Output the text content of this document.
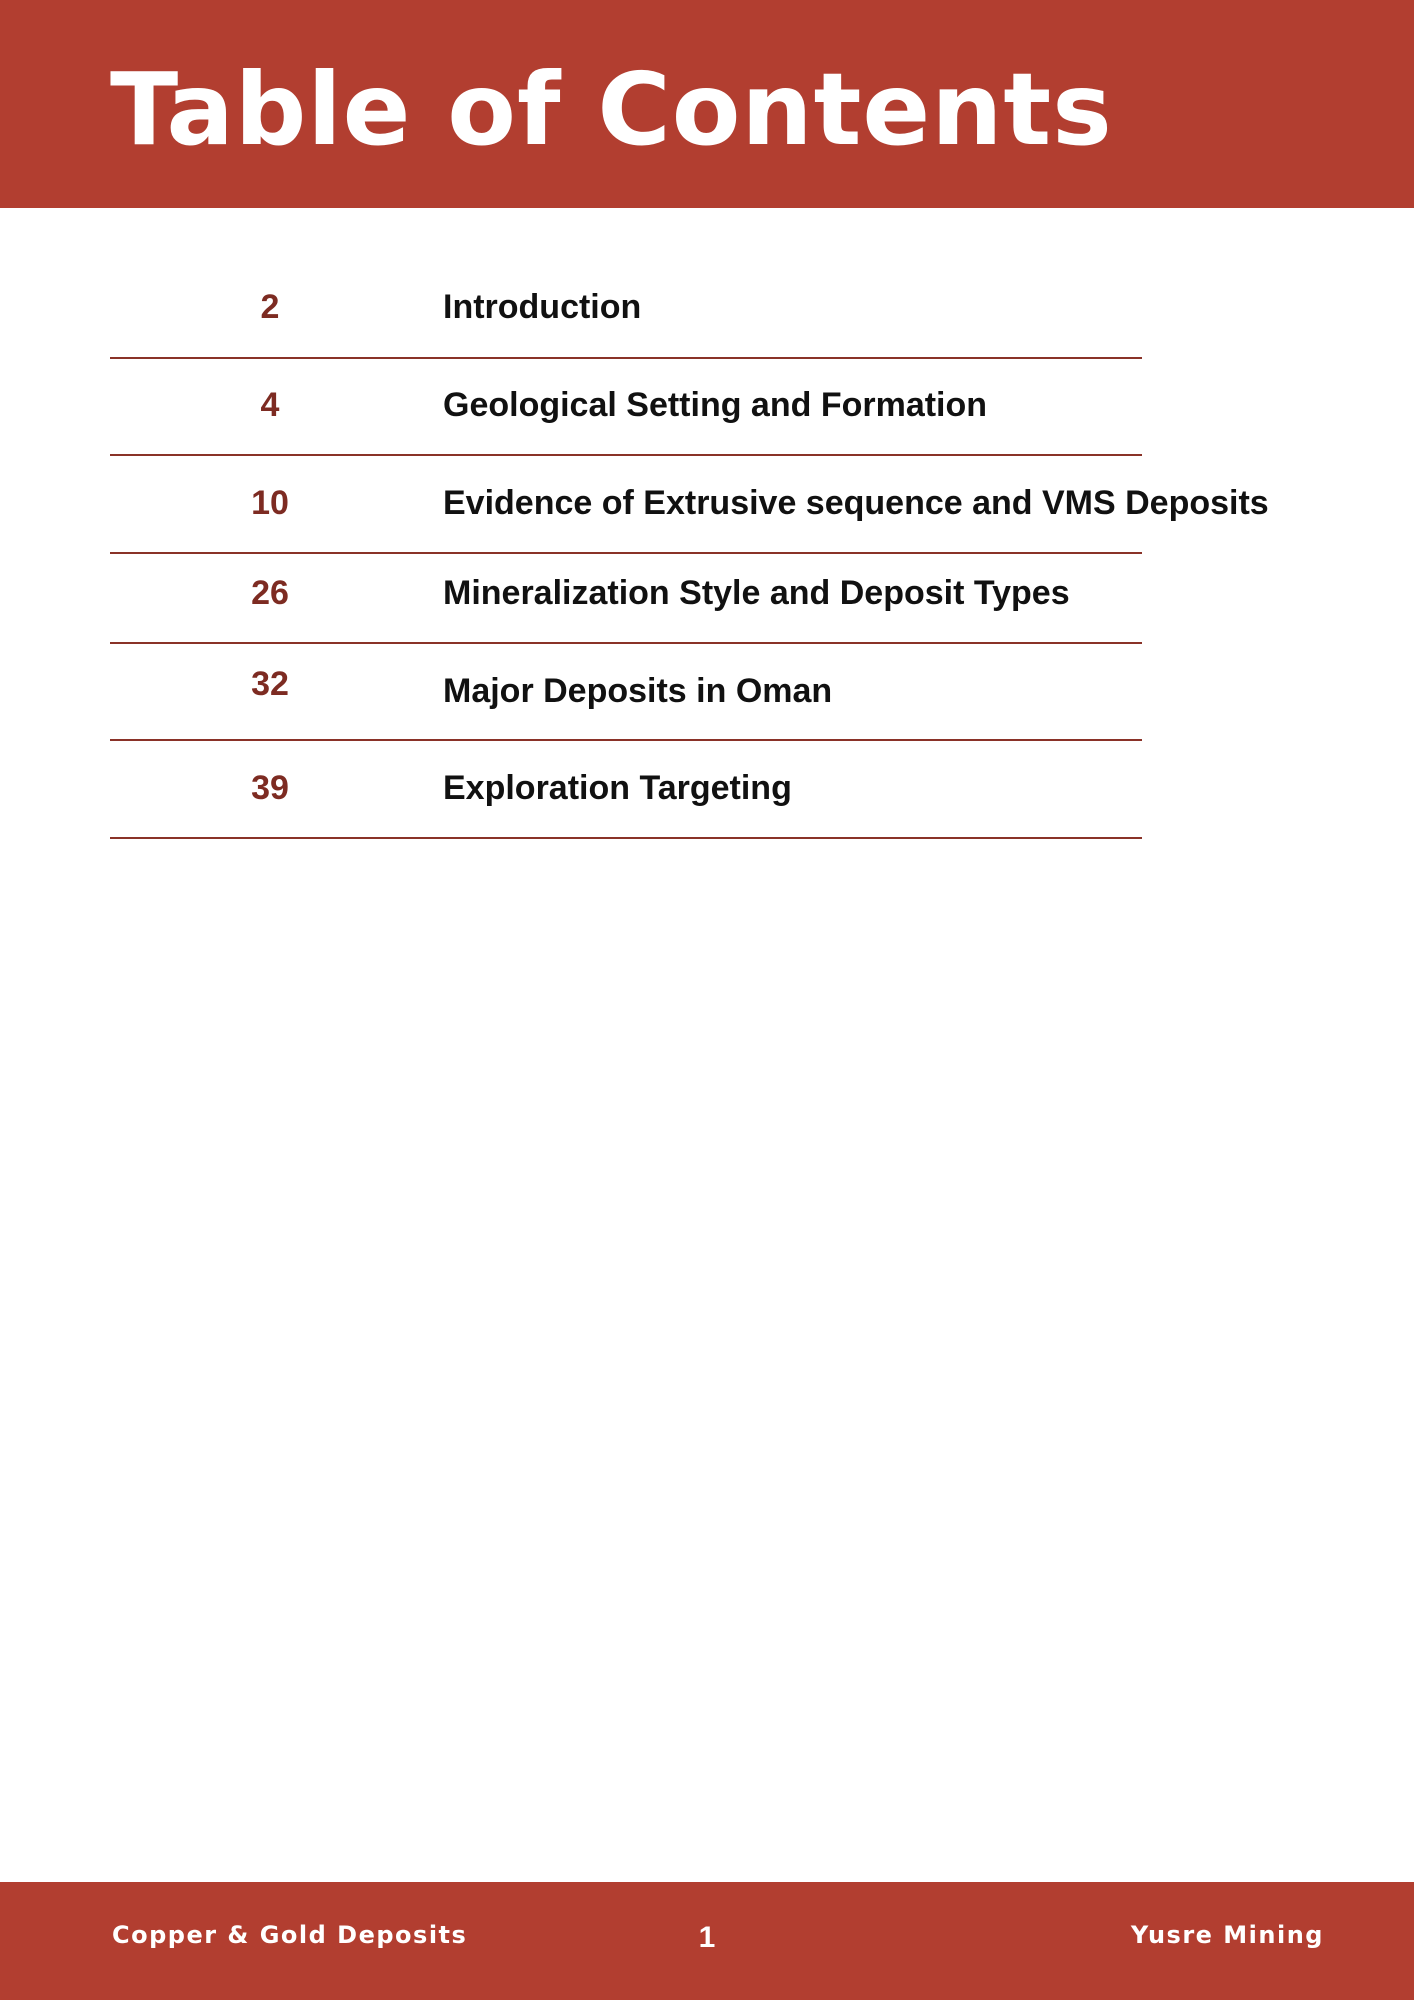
Table of Contents
2	Introduction
4	Geological Setting and Formation
10	Evidence of Extrusive sequence and VMS Deposits
26	Mineralization Style and Deposit Types
32	Major Deposits in Oman
39	Exploration Targeting
Copper & Gold Deposits	1	Yusre Mining
